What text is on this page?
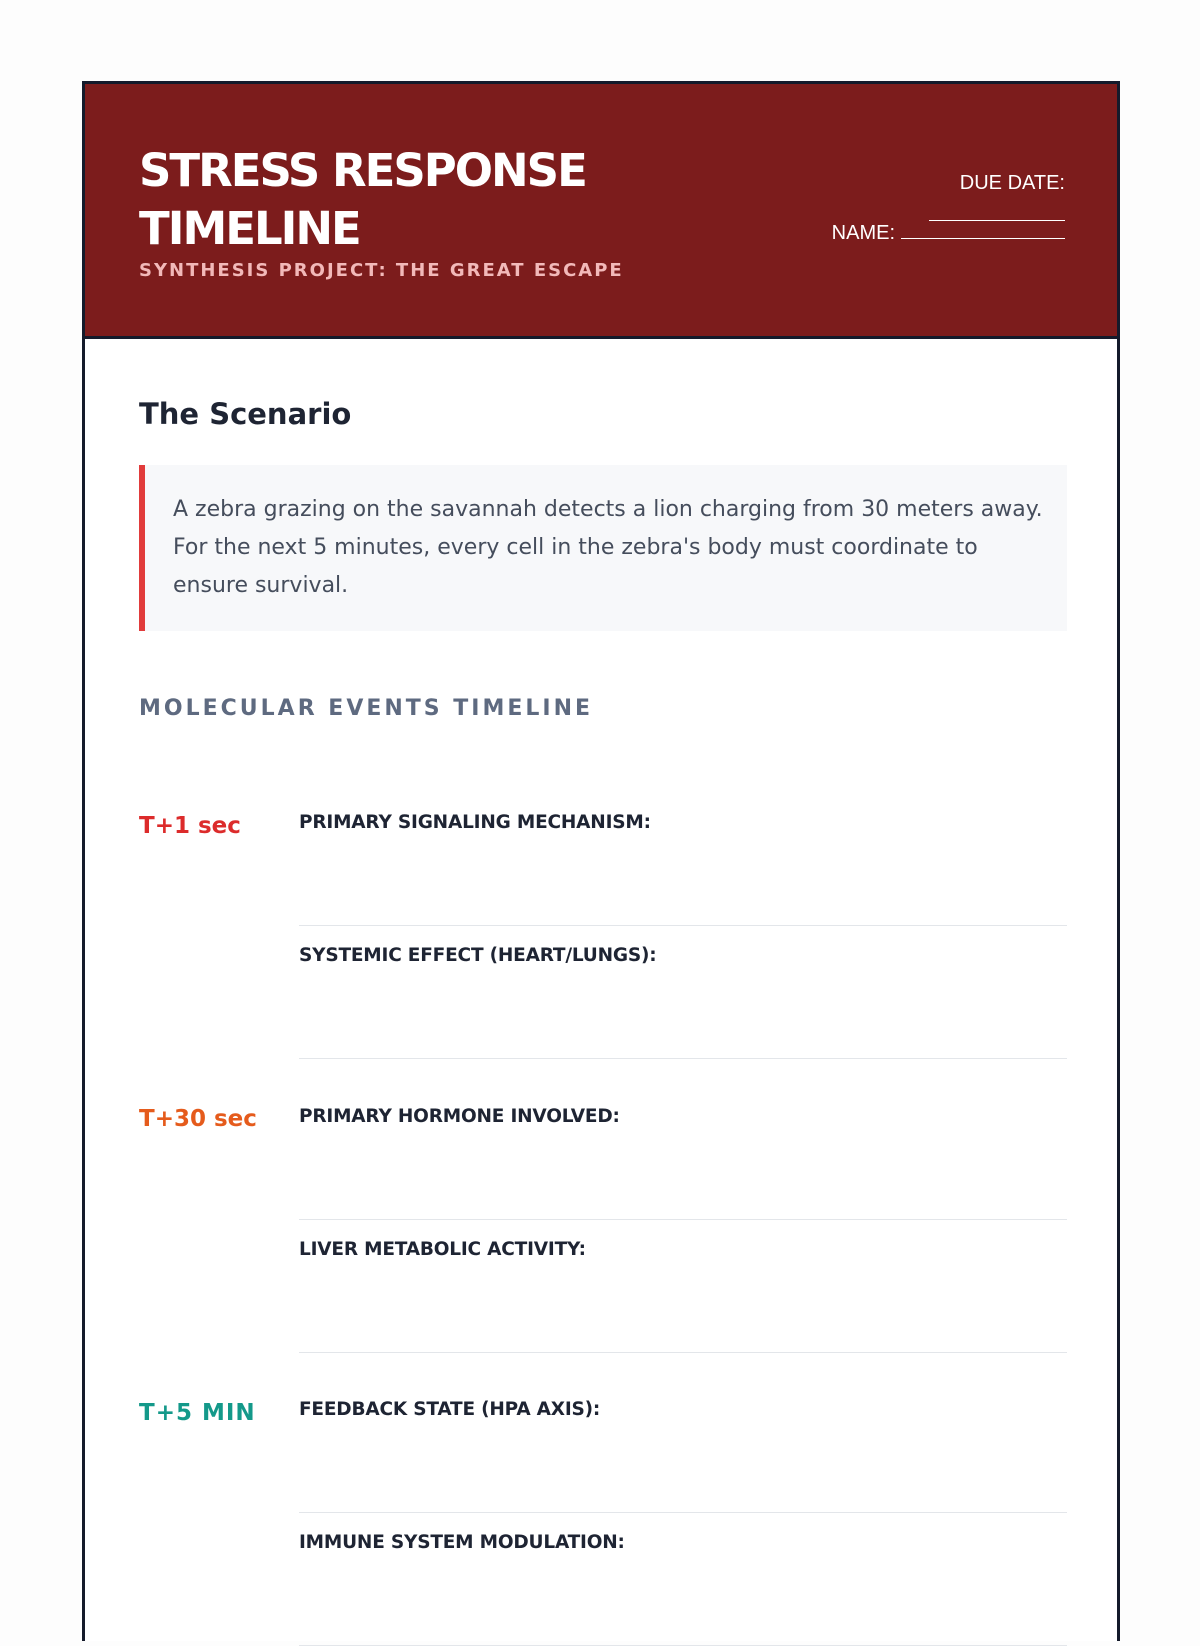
STRESS RESPONSE TIMELINE
SYNTHESIS PROJECT: THE GREAT ESCAPE
DUE DATE:
NAME:
The Scenario
A zebra grazing on the savannah detects a lion charging from 30 meters away. For the next 5 minutes, every cell in the zebra's body must coordinate to ensure survival.
MOLECULAR EVENTS TIMELINE
T+1 sec	PRIMARY SIGNALING MECHANISM:
SYSTEMIC EFFECT (HEART/LUNGS):
T+30 sec PRIMARY HORMONE INVOLVED:
LIVER METABOLIC ACTIVITY:
T+5 MIN FEEDBACK STATE (HPA AXIS):
IMMUNE SYSTEM MODULATION:
